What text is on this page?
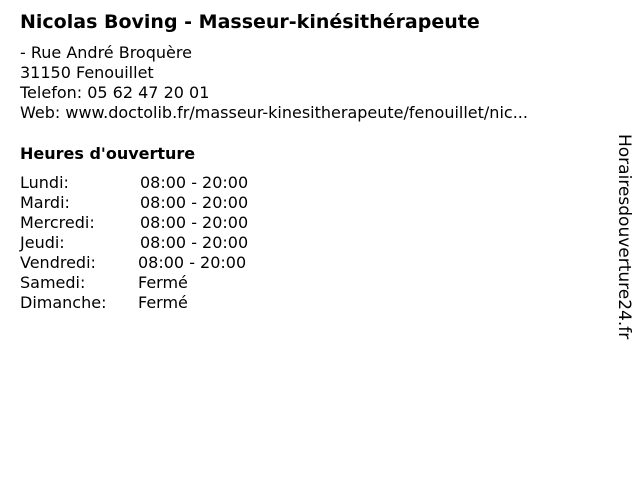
Nicolas Boving - Masseur-kinésithérapeute
- Rue André Broquère
31150 Fenouillet
Telefon: 05 62 47 20 01
Web: www.doctolib.fr/masseur-kinesitherapeute/fenouillet/nic...
Heures d'ouverture
Lundi:	08:00 - 20:00
Mardi:	08:00 - 20:00
Mercredi:	08:00 - 20:00
Jeudi:	08:00 - 20:00
Vendredi:	08:00 - 20:00
Samedi:	Fermé
Dimanche: Fermé	Horairesdouverture24.fr
